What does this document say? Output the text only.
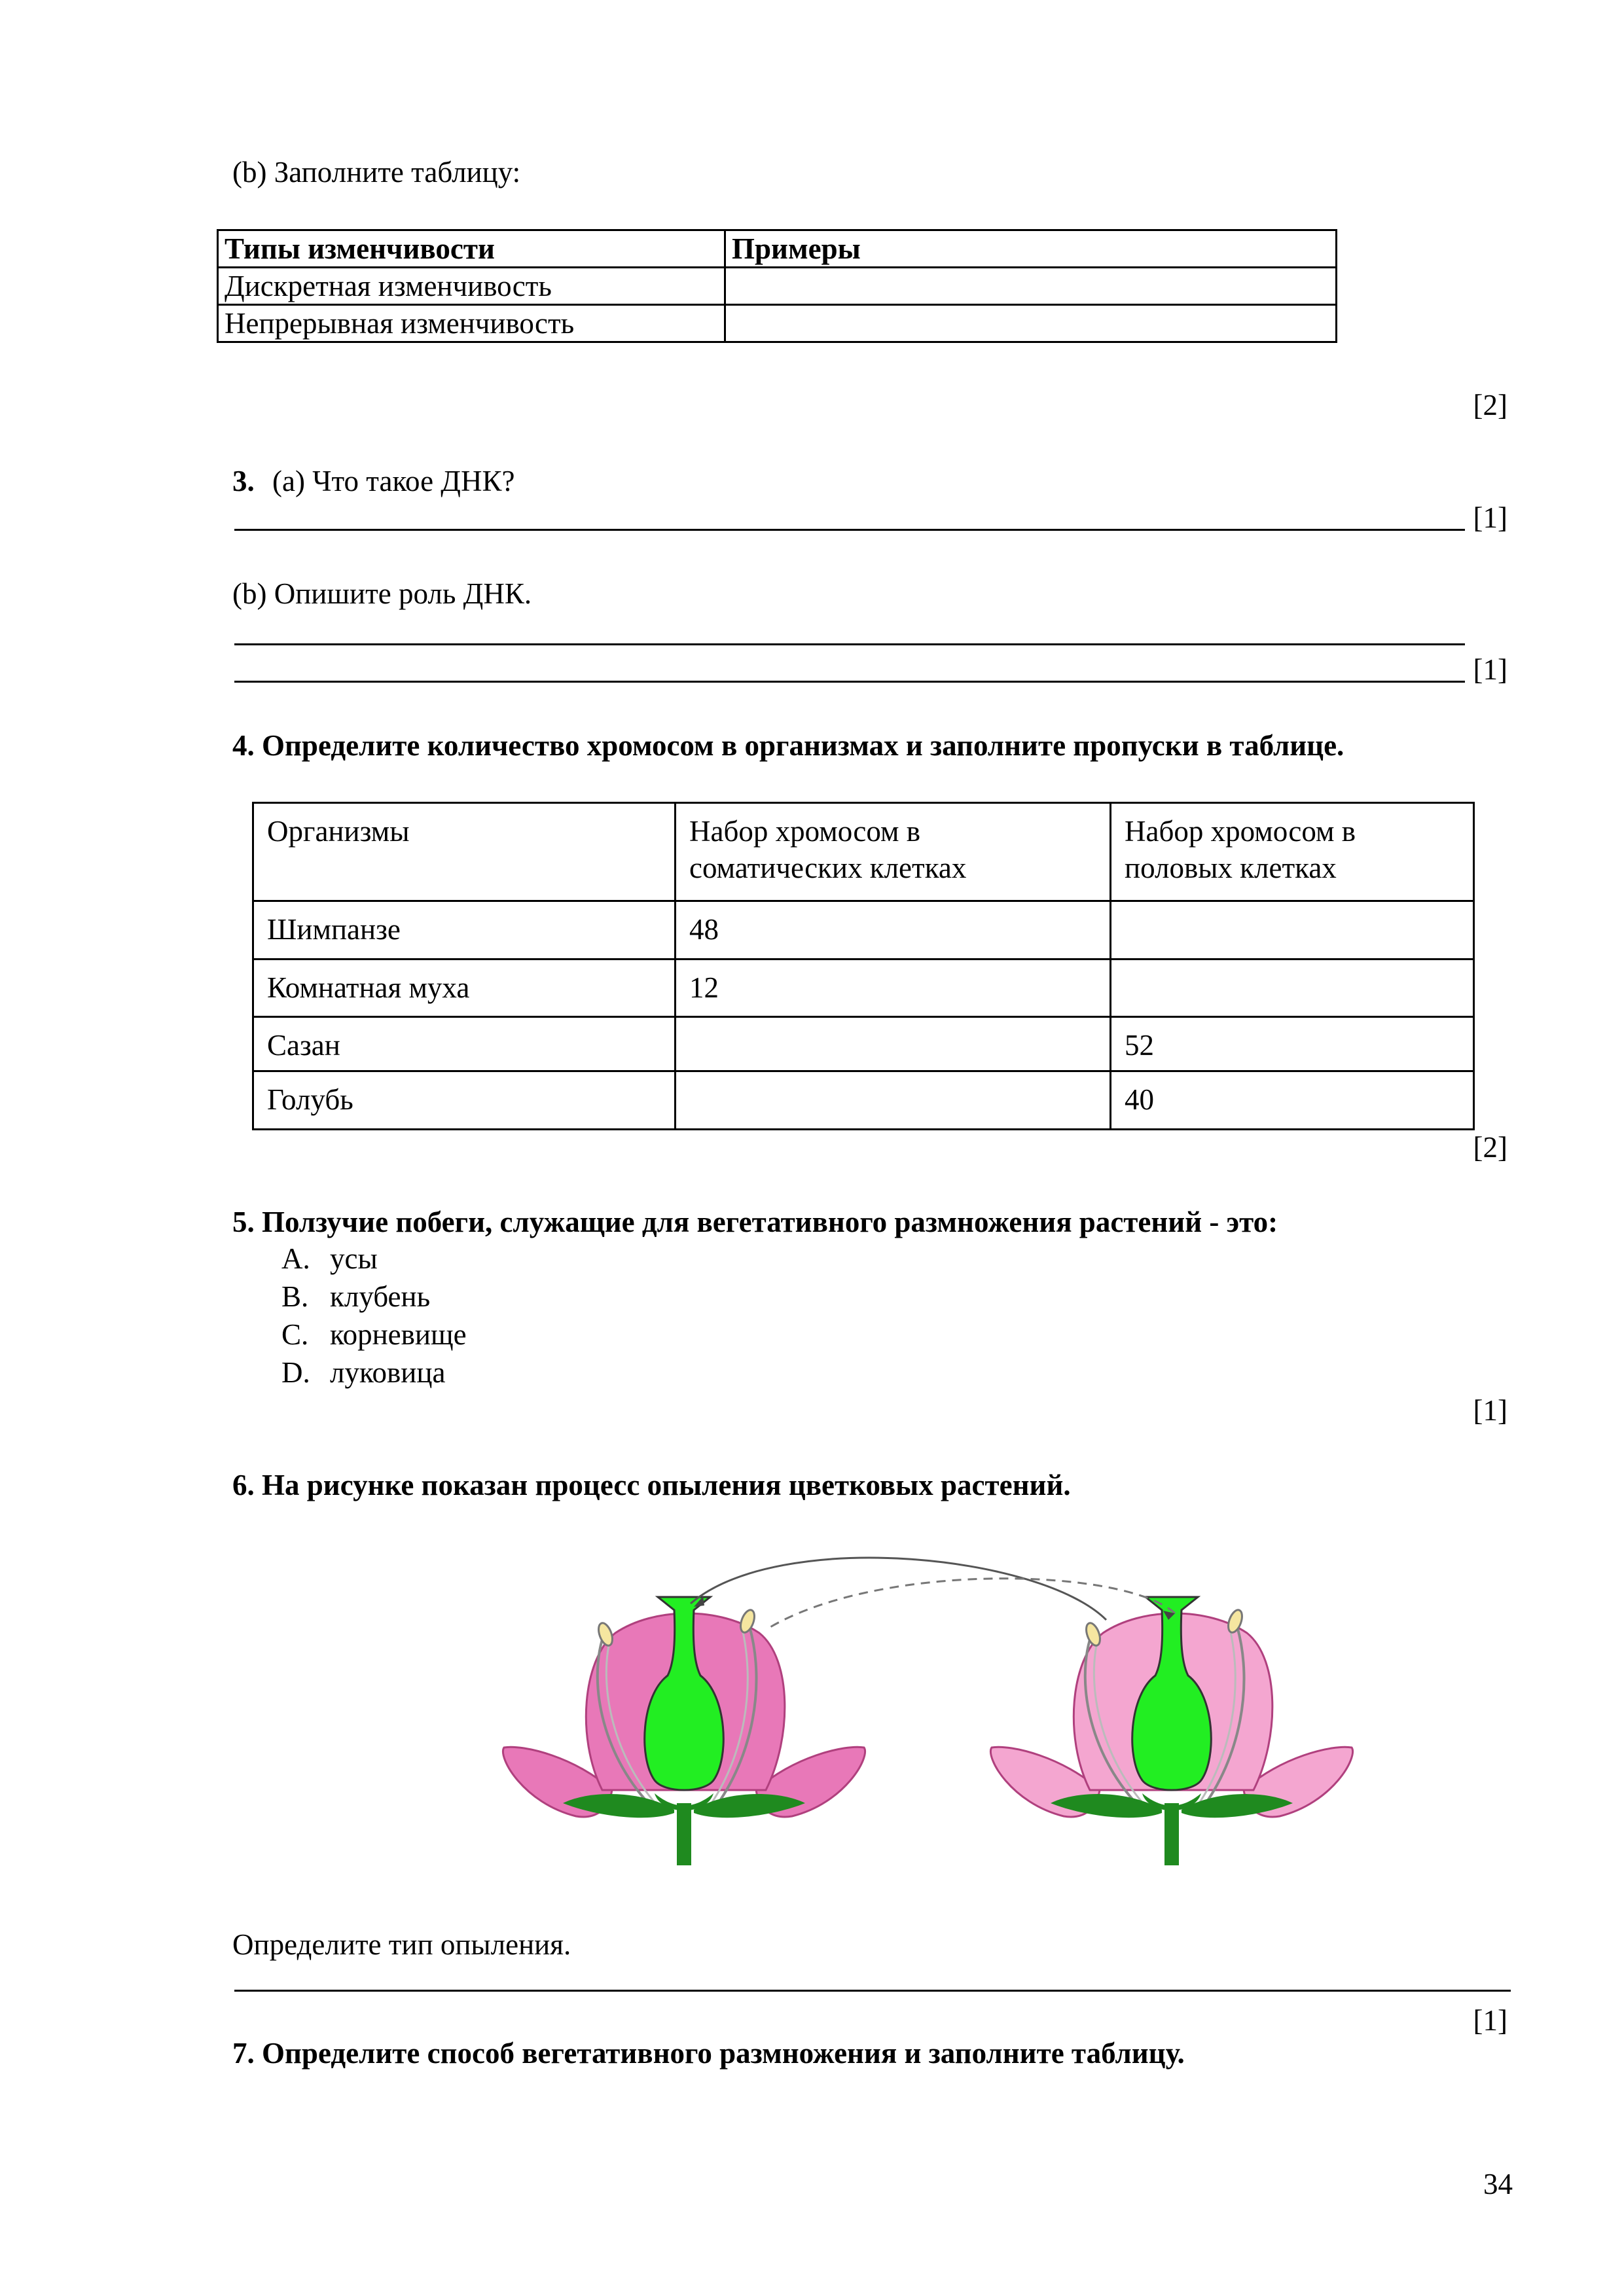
(b) Заполните таблицу:
Типы изменчивости	Примеры
Дискретная изменчивость	
Непрерывная изменчивость	
[2]
3. (a) Что такое ДНК?
[1]
(b) Опишите роль ДНК.
[1]
4. Определите количество хромосом в организмах и заполните пропуски в таблице.
Организмы	Набор хромосом в соматических клетках	Набор хромосом в половых клетках
Шимпанзе	48	
Комнатная муха	12	
Сазан		52
Голубь		40
[2]
5. Ползучие побеги, служащие для вегетативного размножения растений - это:
A. усы
B. клубень
C. корневище
D. луковица
[1]
6. На рисунке показан процесс опыления цветковых растений.
Определите тип опыления.
[1]
7. Определите способ вегетативного размножения и заполните таблицу.
34
